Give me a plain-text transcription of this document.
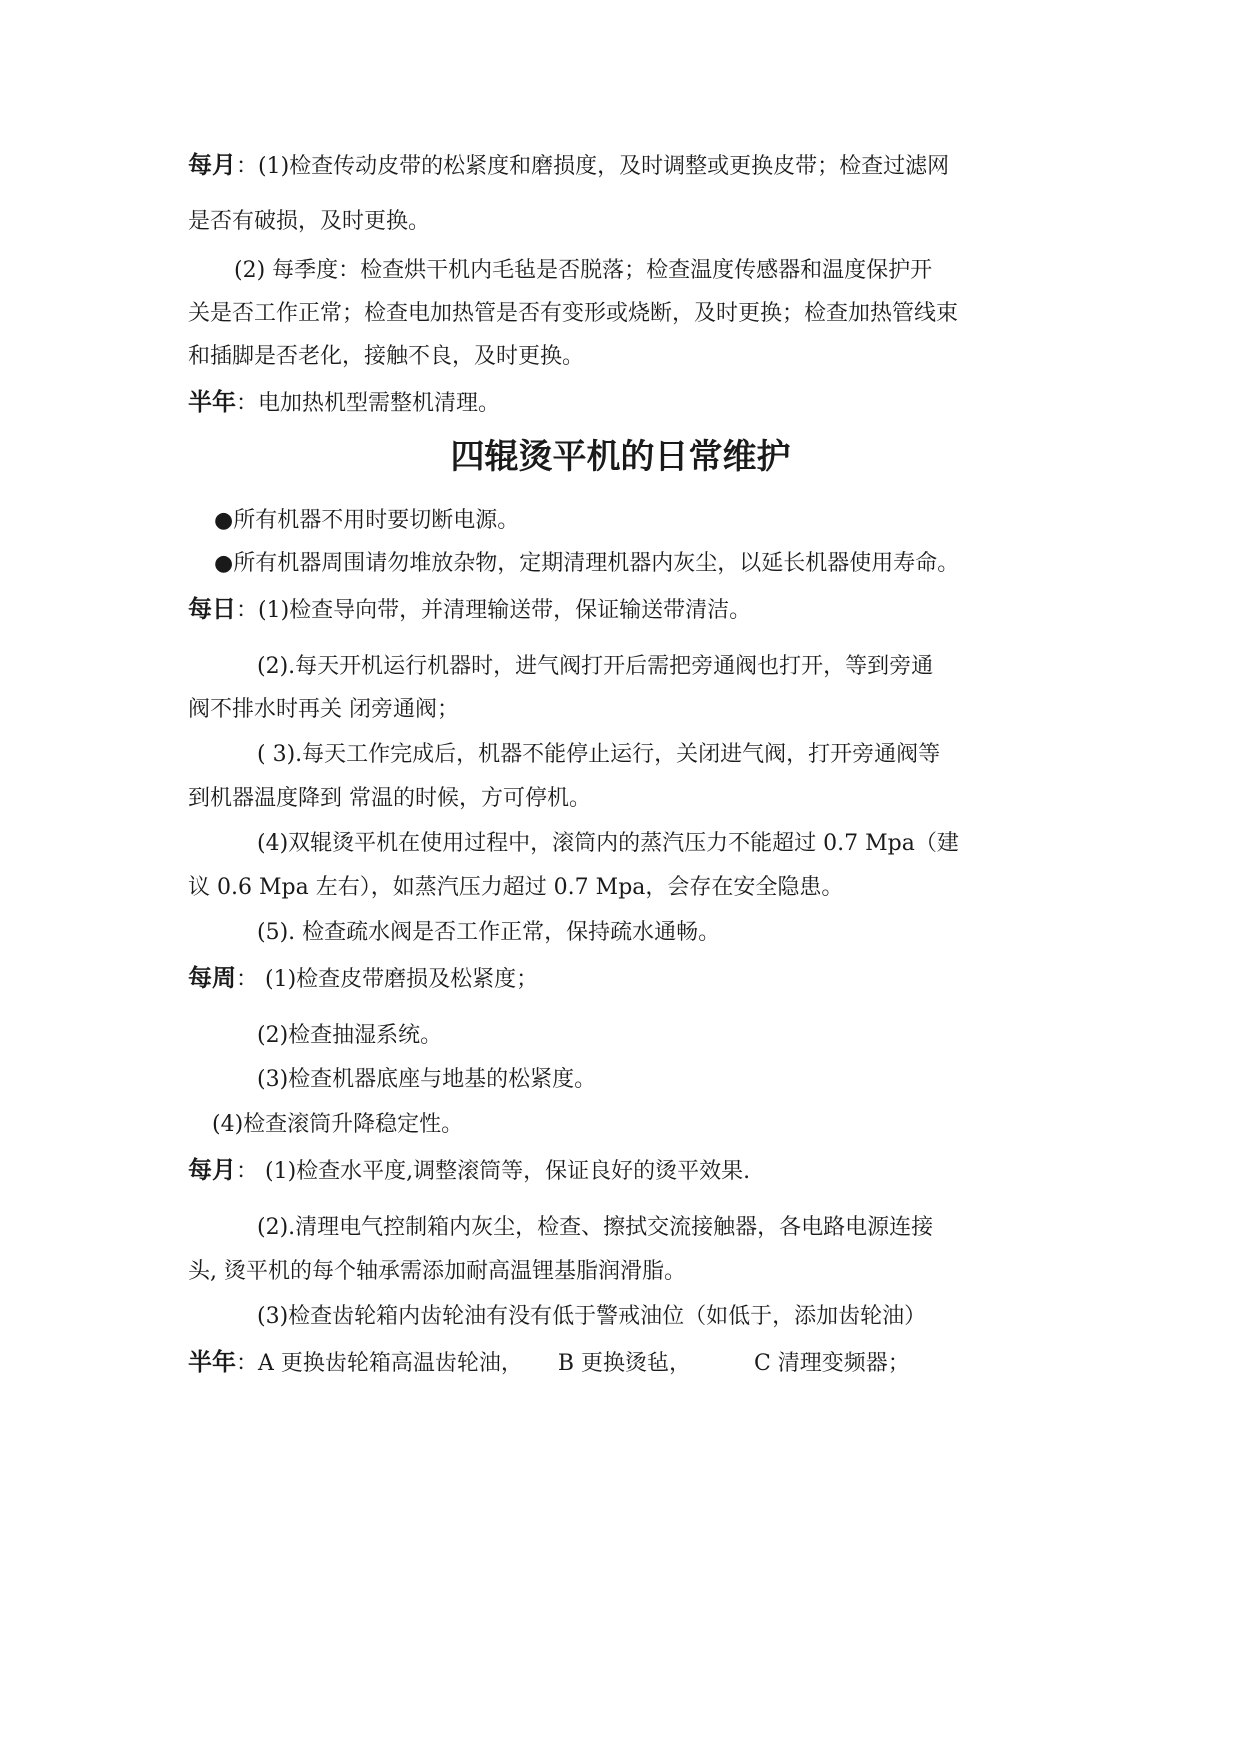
每月：(1)检查传动皮带的松紧度和磨损度，及时调整或更换皮带；检查过滤网
是否有破损，及时更换。
(2) 每季度：检查烘干机内毛毡是否脱落；检查温度传感器和温度保护开
关是否工作正常；检查电加热管是否有变形或烧断，及时更换；检查加热管线束
和插脚是否老化，接触不良，及时更换。
半年：电加热机型需整机清理。
四辊烫平机的日常维护
●所有机器不用时要切断电源。
●所有机器周围请勿堆放杂物，定期清理机器内灰尘，以延长机器使用寿命。
每日：(1)检查导向带，并清理输送带，保证输送带清洁。
(2).每天开机运行机器时，进气阀打开后需把旁通阀也打开，等到旁通
阀不排水时再关 闭旁通阀；
( 3).每天工作完成后，机器不能停止运行，关闭进气阀，打开旁通阀等
到机器温度降到 常温的时候，方可停机。
(4)双辊烫平机在使用过程中，滚筒内的蒸汽压力不能超过 0.7 Mpa（建
议 0.6 Mpa 左右），如蒸汽压力超过 0.7 Mpa，会存在安全隐患。
(5). 检查疏水阀是否工作正常，保持疏水通畅。
每周： (1)检查皮带磨损及松紧度；
(2)检查抽湿系统。
(3)检查机器底座与地基的松紧度。
(4)检查滚筒升降稳定性。
每月： (1)检查水平度,调整滚筒等，保证良好的烫平效果.
(2).清理电气控制箱内灰尘，检查、擦拭交流接触器，各电路电源连接
头, 烫平机的每个轴承需添加耐高温锂基脂润滑脂。
(3)检查齿轮箱内齿轮油有没有低于警戒油位（如低于，添加齿轮油）
半年：A 更换齿轮箱高温齿轮油，     B 更换烫毡，         C 清理变频器；
